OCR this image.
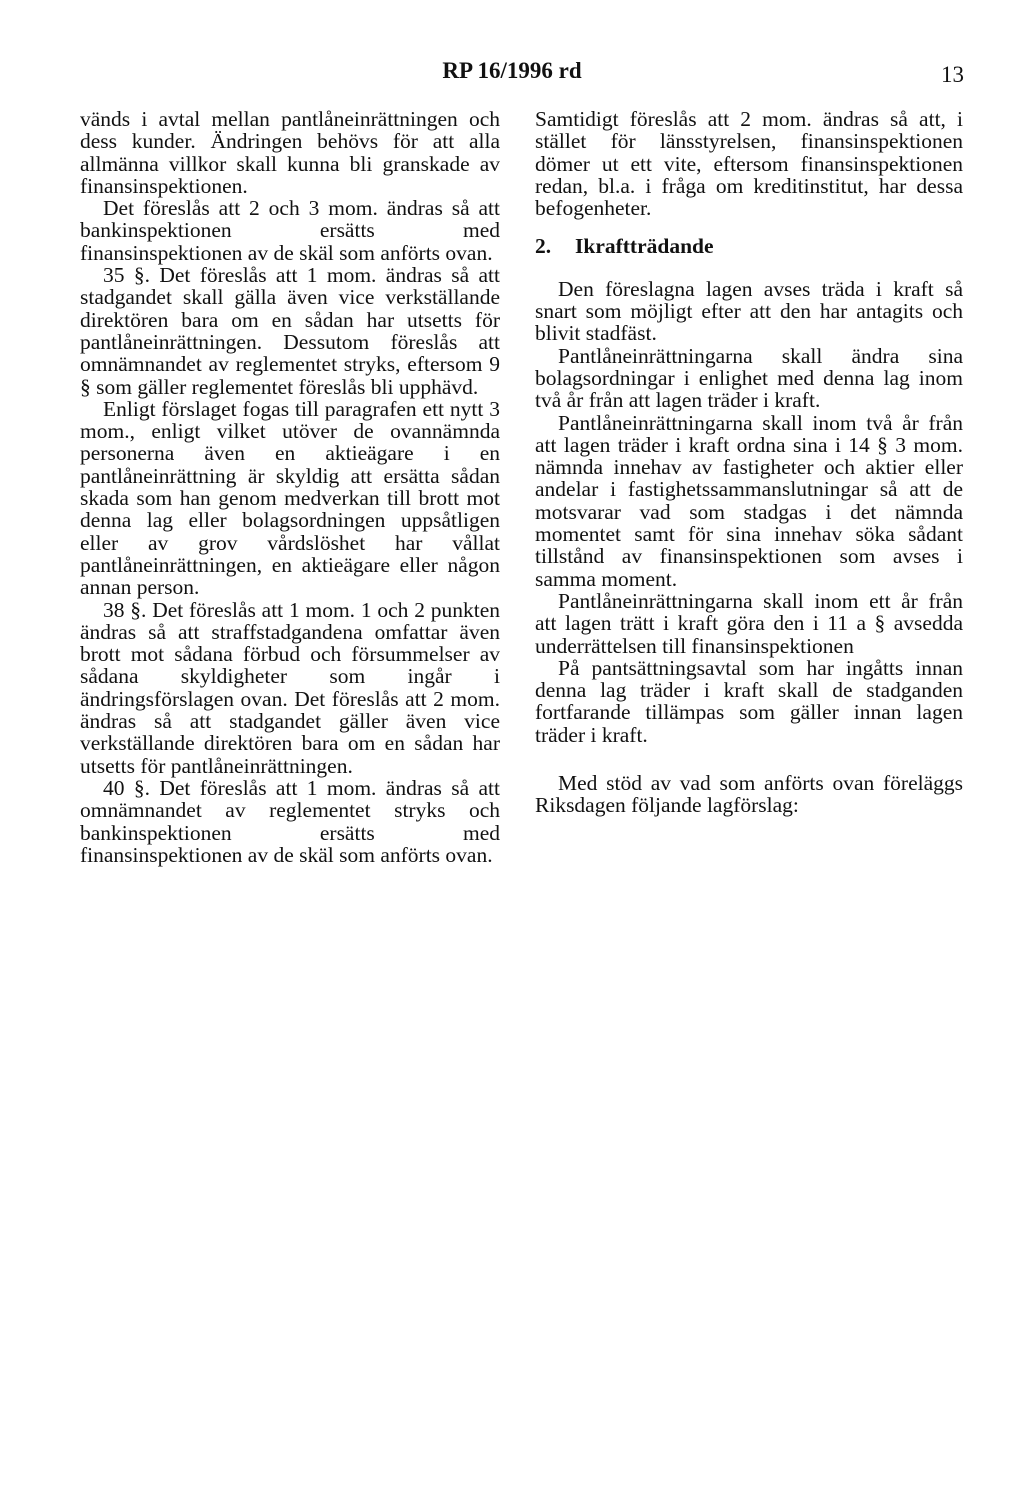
RP 16/1996 rd	13

vänds i avtal mellan pantlåneinrättningen och dess kunder. Ändringen behövs för att alla allmänna villkor skall kunna bli granskade av finansinspektionen.

Det föreslås att 2 och 3 mom. ändras så att bankinspektionen ersätts med finansinspektionen av de skäl som anförts ovan.

35 §. Det föreslås att 1 mom. ändras så att stadgandet skall gälla även vice verkställande direktören bara om en sådan har utsetts för pantlåneinrättningen. Dessutom föreslås att omnämnandet av reglementet stryks, eftersom 9 § som gäller reglementet föreslås bli upphävd.

Enligt förslaget fogas till paragrafen ett nytt 3 mom., enligt vilket utöver de ovannämnda personerna även en aktieägare i en pantlåneinrättning är skyldig att ersätta sådan skada som han genom medverkan till brott mot denna lag eller bolagsordningen uppsåtligen eller av grov vårdslöshet har vållat pantlåneinrättningen, en aktieägare eller någon annan person.

38 §. Det föreslås att 1 mom. 1 och 2 punkten ändras så att straffstadgandena omfattar även brott mot sådana förbud och försummelser av sådana skyldigheter som ingår i ändringsförslagen ovan. Det föreslås att 2 mom. ändras så att stadgandet gäller även vice verkställande direktören bara om en sådan har utsetts för pantlåneinrättningen.

40 §. Det föreslås att 1 mom. ändras så att omnämnandet av reglementet stryks och bankinspektionen ersätts med finansinspektionen av de skäl som anförts ovan.

Samtidigt föreslås att 2 mom. ändras så att, i stället för länsstyrelsen, finansinspektionen dömer ut ett vite, eftersom finansinspektionen redan, bl.a. i fråga om kreditinstitut, har dessa befogenheter.

2. Ikraftträdande

Den föreslagna lagen avses träda i kraft så snart som möjligt efter att den har antagits och blivit stadfäst.

Pantlåneinrättningarna skall ändra sina bolagsordningar i enlighet med denna lag inom två år från att lagen träder i kraft.

Pantlåneinrättningarna skall inom två år från att lagen träder i kraft ordna sina i 14 § 3 mom. nämnda innehav av fastigheter och aktier eller andelar i fastighetssammanslutningar så att de motsvarar vad som stadgas i det nämnda momentet samt för sina innehav söka sådant tillstånd av finansinspektionen som avses i samma moment.

Pantlåneinrättningarna skall inom ett år från att lagen trätt i kraft göra den i 11 a § avsedda underrättelsen till finansinspektionen

På pantsättningsavtal som har ingåtts innan denna lag träder i kraft skall de stadganden fortfarande tillämpas som gäller innan lagen träder i kraft.

Med stöd av vad som anförts ovan föreläggs Riksdagen följande lagförslag:
